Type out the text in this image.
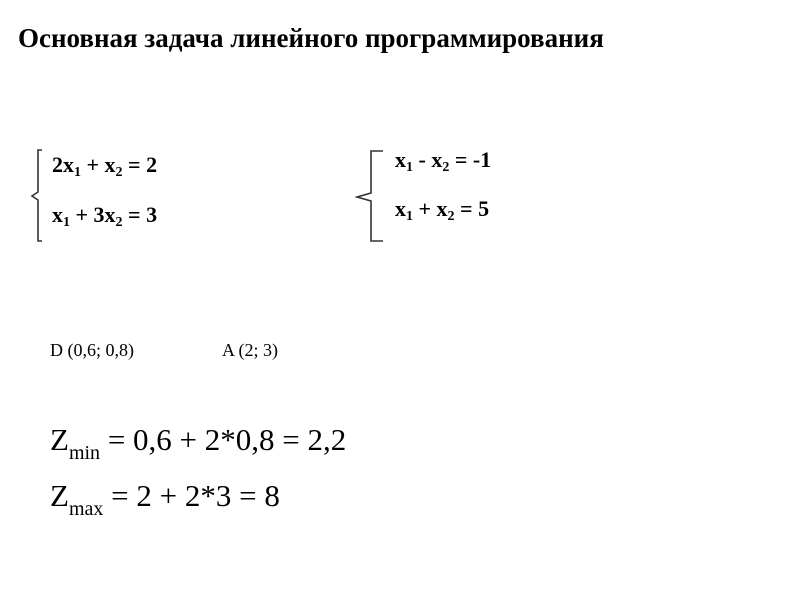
Основная задача линейного программирования
$2x_1 + x_2 = 2$
$x_1 + 3x_2 = 3$
$x_1 - x_2 = -1$
$x_1 + x_2 = 5$
D (0,6; 0,8)	A (2; 3)
$Z_{min} = 0,6 + 2*0,8 = 2,2$
$Z_{max} = 2 + 2*3 = 8$
